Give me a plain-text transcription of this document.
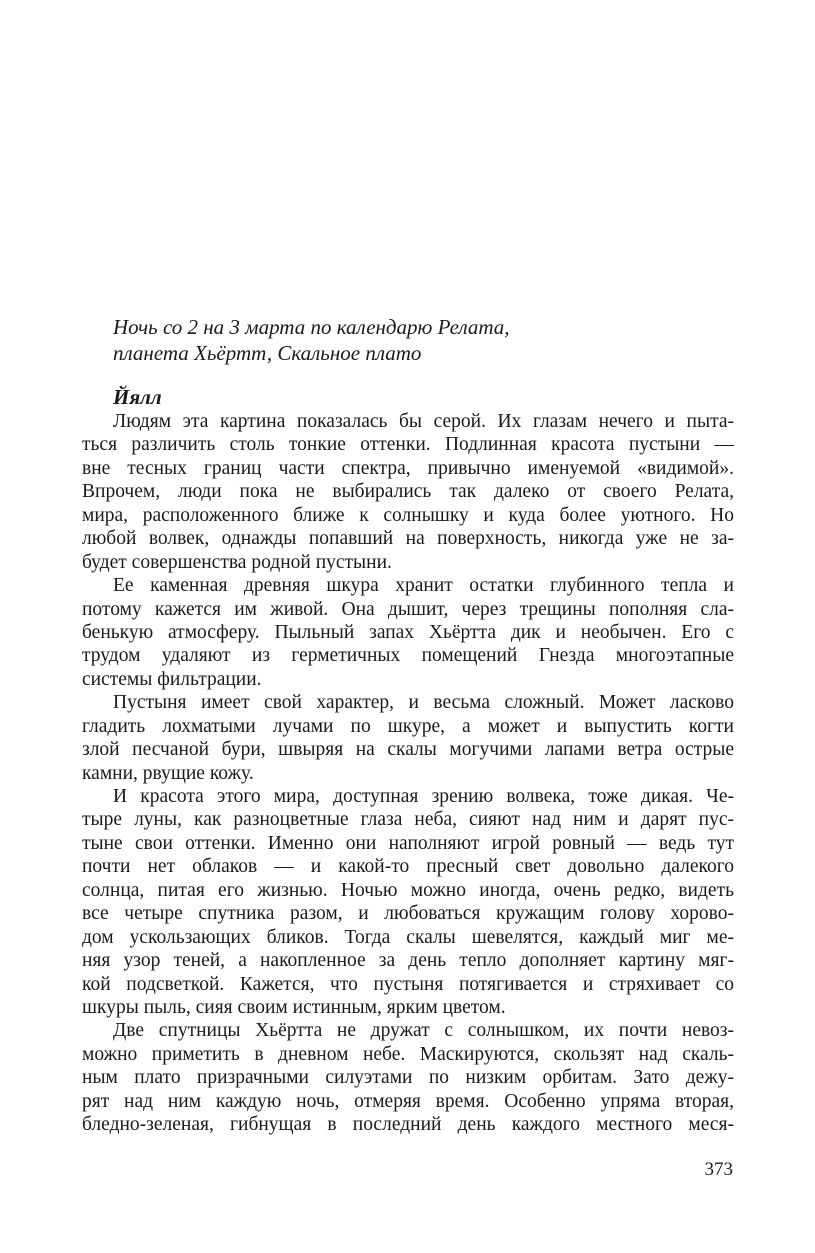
Ночь со 2 на 3 марта по календарю Релата,
планета Хьёртт, Скальное плато
Йялл
Людям эта картина показалась бы серой. Их глазам нечего и пыта-
ться различить столь тонкие оттенки. Подлинная красота пустыни —
вне тесных границ части спектра, привычно именуемой «видимой».
Впрочем, люди пока не выбирались так далеко от своего Релата,
мира, расположенного ближе к солнышку и куда более уютного. Но
любой волвек, однажды попавший на поверхность, никогда уже не за-
будет совершенства родной пустыни.
Ее каменная древняя шкура хранит остатки глубинного тепла и
потому кажется им живой. Она дышит, через трещины пополняя сла-
бенькую атмосферу. Пыльный запах Хьёртта дик и необычен. Его с
трудом удаляют из герметичных помещений Гнезда многоэтапные
системы фильтрации.
Пустыня имеет свой характер, и весьма сложный. Может ласково
гладить лохматыми лучами по шкуре, а может и выпустить когти
злой песчаной бури, швыряя на скалы могучими лапами ветра острые
камни, рвущие кожу.
И красота этого мира, доступная зрению волвека, тоже дикая. Че-
тыре луны, как разноцветные глаза неба, сияют над ним и дарят пус-
тыне свои оттенки. Именно они наполняют игрой ровный — ведь тут
почти нет облаков — и какой-то пресный свет довольно далекого
солнца, питая его жизнью. Ночью можно иногда, очень редко, видеть
все четыре спутника разом, и любоваться кружащим голову хорово-
дом ускользающих бликов. Тогда скалы шевелятся, каждый миг ме-
няя узор теней, а накопленное за день тепло дополняет картину мяг-
кой подсветкой. Кажется, что пустыня потягивается и стряхивает со
шкуры пыль, сияя своим истинным, ярким цветом.
Две спутницы Хьёртта не дружат с солнышком, их почти невоз-
можно приметить в дневном небе. Маскируются, скользят над скаль-
ным плато призрачными силуэтами по низким орбитам. Зато дежу-
рят над ним каждую ночь, отмеряя время. Особенно упряма вторая,
бледно-зеленая, гибнущая в последний день каждого местного меся-
373
